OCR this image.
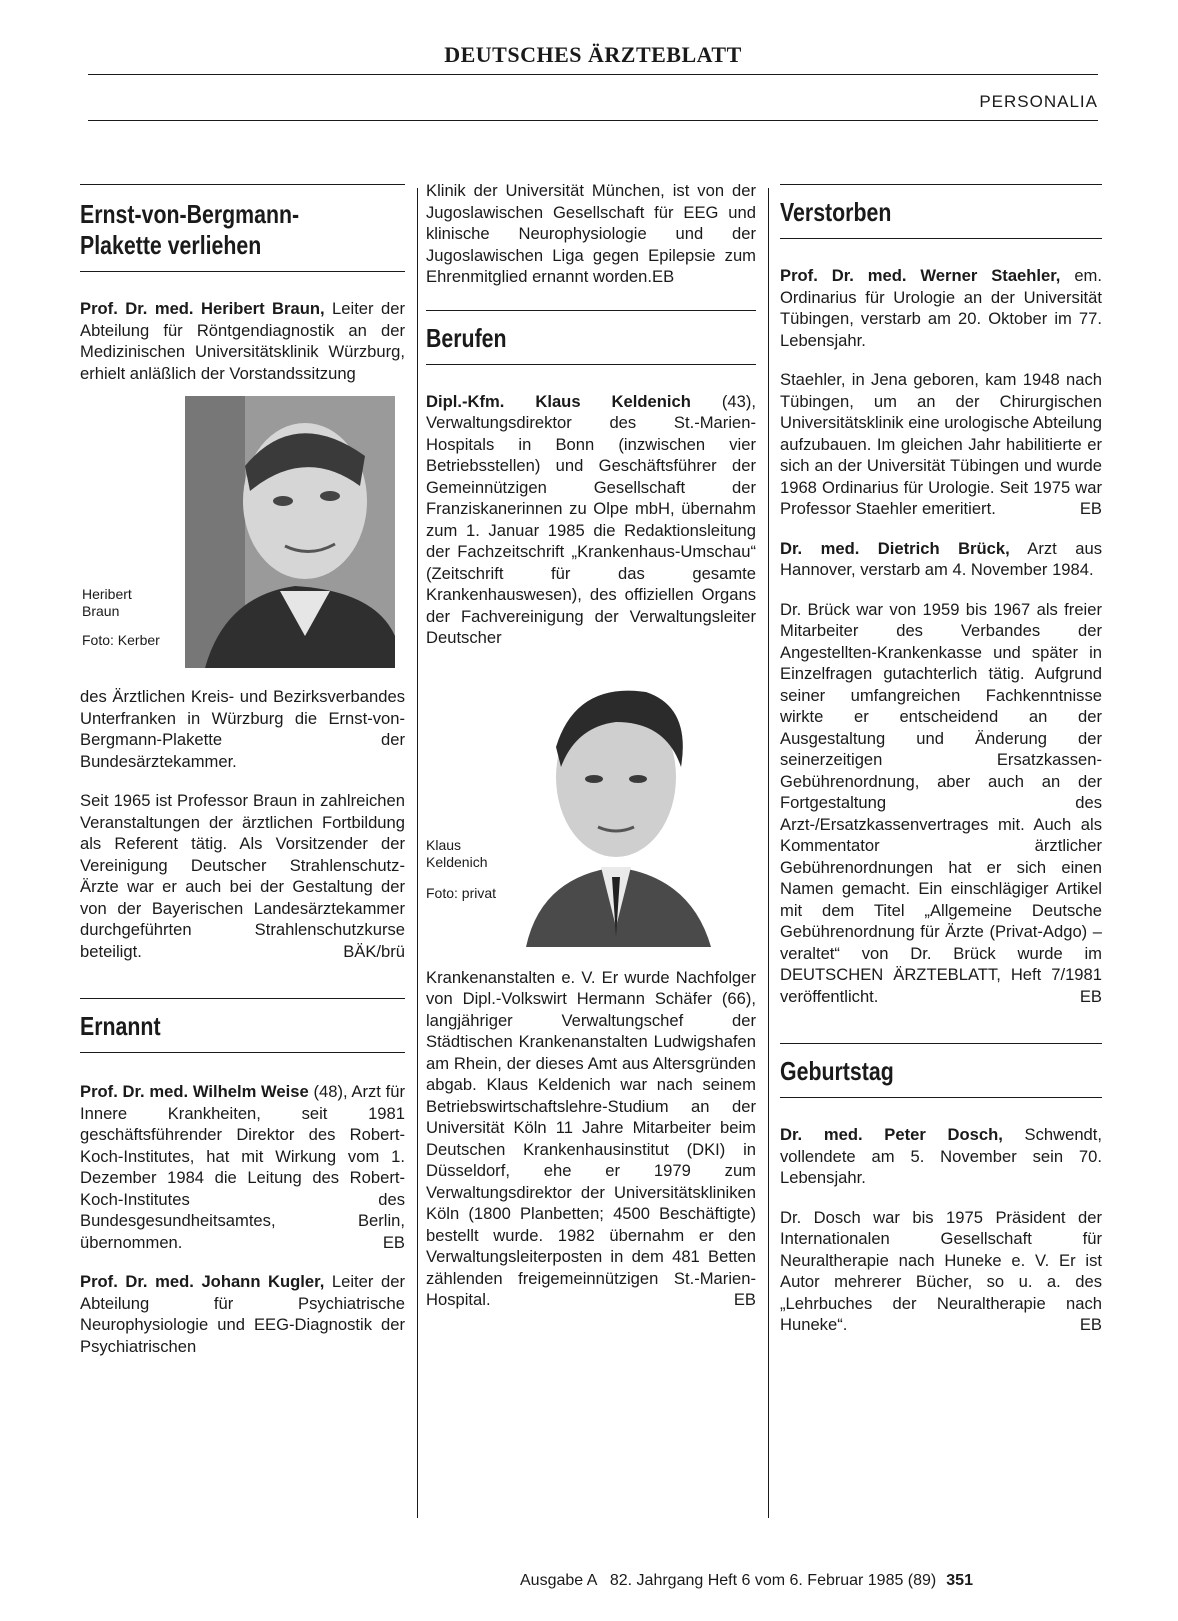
DEUTSCHES ÄRZTEBLATT
PERSONALIA
Ernst-von-Bergmann-
Plakette verliehen

Prof. Dr. med. Heribert Braun, Leiter der Abteilung für Röntgendiagnostik an der Medizinischen Universitätsklinik Würzburg, erhielt anläßlich der Vorstandssitzung

Heribert Braun
Foto: Kerber

des Ärztlichen Kreis- und Bezirksverbandes Unterfranken in Würzburg die Ernst-von-Bergmann-Plakette der Bundesärztekammer.

Seit 1965 ist Professor Braun in zahlreichen Veranstaltungen der ärztlichen Fortbildung als Referent tätig. Als Vorsitzender der Vereinigung Deutscher Strahlenschutz-Ärzte war er auch bei der Gestaltung der von der Bayerischen Landesärztekammer durchgeführten Strahlenschutzkurse beteiligt.	BÄK/brü

Ernannt

Prof. Dr. med. Wilhelm Weise (48), Arzt für Innere Krankheiten, seit 1981 geschäftsführender Direktor des Robert-Koch-Institutes, hat mit Wirkung vom 1. Dezember 1984 die Leitung des Robert-Koch-Institutes des Bundesgesundheitsamtes, Berlin, übernommen.	EB

Prof. Dr. med. Johann Kugler, Leiter der Abteilung für Psychiatrische Neurophysiologie und EEG-Diagnostik der Psychiatrischen

Klinik der Universität München, ist von der Jugoslawischen Gesellschaft für EEG und klinische Neurophysiologie und der Jugoslawischen Liga gegen Epilepsie zum Ehrenmitglied ernannt worden.EB

Berufen

Dipl.-Kfm. Klaus Keldenich (43), Verwaltungsdirektor des St.-Marien-Hospitals in Bonn (inzwischen vier Betriebsstellen) und Geschäftsführer der Gemeinnützigen Gesellschaft der Franziskanerinnen zu Olpe mbH, übernahm zum 1. Januar 1985 die Redaktionsleitung der Fachzeitschrift „Krankenhaus-Umschau“ (Zeitschrift für das gesamte Krankenhauswesen), des offiziellen Organs der Fachvereinigung der Verwaltungsleiter Deutscher

Klaus Keldenich
Foto: privat

Krankenanstalten e. V. Er wurde Nachfolger von Dipl.-Volkswirt Hermann Schäfer (66), langjähriger Verwaltungschef der Städtischen Krankenanstalten Ludwigshafen am Rhein, der dieses Amt aus Altersgründen abgab. Klaus Keldenich war nach seinem Betriebswirtschaftslehre-Studium an der Universität Köln 11 Jahre Mitarbeiter beim Deutschen Krankenhausinstitut (DKI) in Düsseldorf, ehe er 1979 zum Verwaltungsdirektor der Universitätskliniken Köln (1800 Planbetten; 4500 Beschäftigte) bestellt wurde. 1982 übernahm er den Verwaltungsleiterposten in dem 481 Betten zählenden freigemeinnützigen St.-Marien-Hospital.	EB

Verstorben

Prof. Dr. med. Werner Staehler, em. Ordinarius für Urologie an der Universität Tübingen, verstarb am 20. Oktober im 77. Lebensjahr.

Staehler, in Jena geboren, kam 1948 nach Tübingen, um an der Chirurgischen Universitätsklinik eine urologische Abteilung aufzubauen. Im gleichen Jahr habilitierte er sich an der Universität Tübingen und wurde 1968 Ordinarius für Urologie. Seit 1975 war Professor Staehler emeritiert.	EB

Dr. med. Dietrich Brück, Arzt aus Hannover, verstarb am 4. November 1984.

Dr. Brück war von 1959 bis 1967 als freier Mitarbeiter des Verbandes der Angestellten-Krankenkasse und später in Einzelfragen gutachterlich tätig. Aufgrund seiner umfangreichen Fachkenntnisse wirkte er entscheidend an der Ausgestaltung und Änderung der seinerzeitigen Ersatzkassen-Gebührenordnung, aber auch an der Fortgestaltung des Arzt-/Ersatzkassenvertrages mit. Auch als Kommentator ärztlicher Gebührenordnungen hat er sich einen Namen gemacht. Ein einschlägiger Artikel mit dem Titel „Allgemeine Deutsche Gebührenordnung für Ärzte (Privat-Adgo) – veraltet“ von Dr. Brück wurde im DEUTSCHEN ÄRZTEBLATT, Heft 7/1981 veröffentlicht.	EB

Geburtstag

Dr. med. Peter Dosch, Schwendt, vollendete am 5. November sein 70. Lebensjahr.

Dr. Dosch war bis 1975 Präsident der Internationalen Gesellschaft für Neuraltherapie nach Huneke e. V. Er ist Autor mehrerer Bücher, so u. a. des „Lehrbuches der Neuraltherapie nach Huneke“.	EB

Ausgabe A   82. Jahrgang Heft 6 vom 6. Februar 1985 (89) 351
